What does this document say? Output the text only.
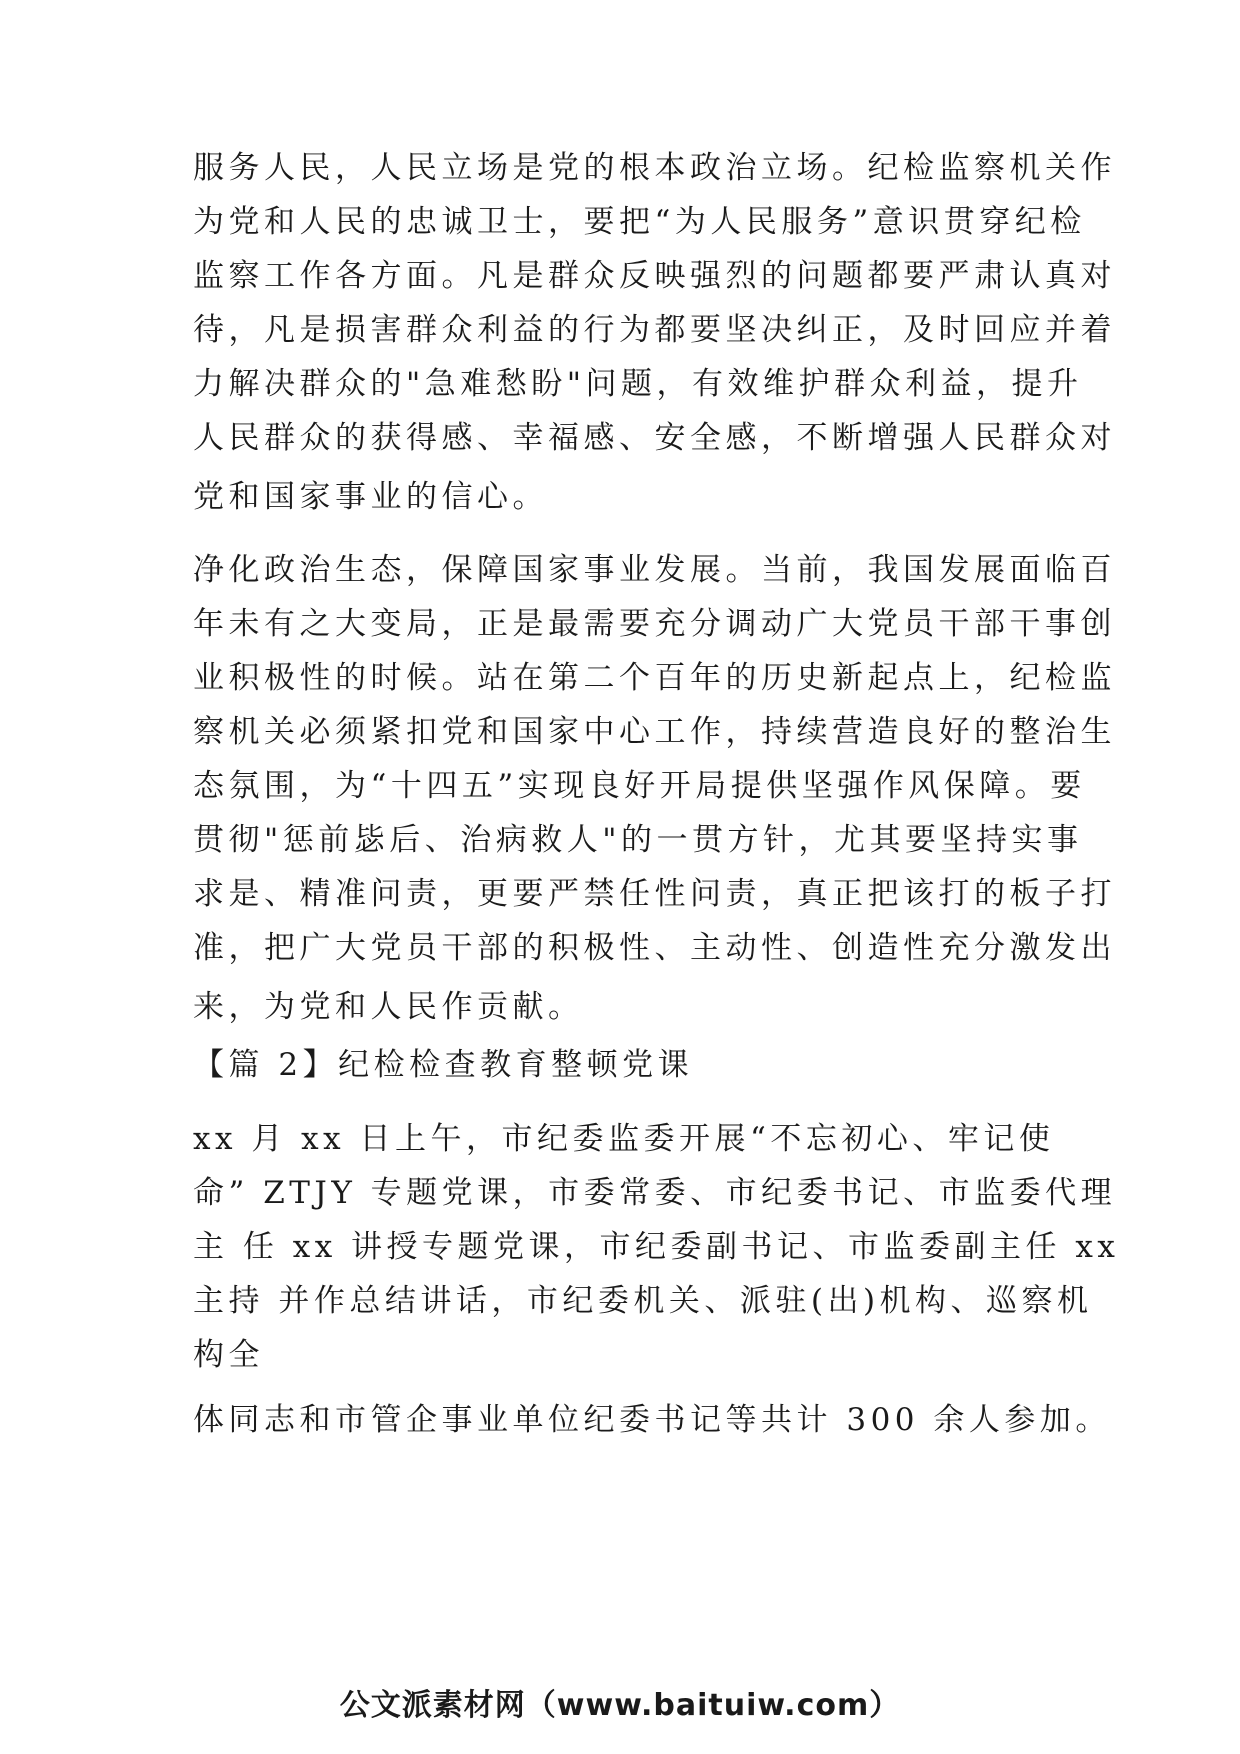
服务人民，人民立场是党的根本政治立场。纪检监察机关作
为党和人民的忠诚卫士，要把“为人民服务”意识贯穿纪检
监察工作各方面。凡是群众反映强烈的问题都要严肃认真对
待，凡是损害群众利益的行为都要坚决纠正，及时回应并着
力解决群众的"急难愁盼"问题，有效维护群众利益，提升
人民群众的获得感、幸福感、安全感，不断增强人民群众对
党和国家事业的信心。
净化政治生态，保障国家事业发展。当前，我国发展面临百
年未有之大变局，正是最需要充分调动广大党员干部干事创
业积极性的时候。站在第二个百年的历史新起点上，纪检监
察机关必须紧扣党和国家中心工作，持续营造良好的整治生
态氛围，为“十四五”实现良好开局提供坚强作风保障。要
贯彻"惩前毖后、治病救人"的一贯方针，尤其要坚持实事
求是、精准问责，更要严禁任性问责，真正把该打的板子打
准，把广大党员干部的积极性、主动性、创造性充分激发出
来，为党和人民作贡献。
【篇 2】纪检检查教育整顿党课
xx 月 xx 日上午，市纪委监委开展“不忘初心、牢记使
命” ZTJY 专题党课，市委常委、市纪委书记、市监委代理
主 任 xx 讲授专题党课，市纪委副书记、市监委副主任 xx
主持 并作总结讲话，市纪委机关、派驻(出)机构、巡察机
构全
体同志和市管企事业单位纪委书记等共计 300 余人参加。
公文派素材网（www.baituiw.com）
